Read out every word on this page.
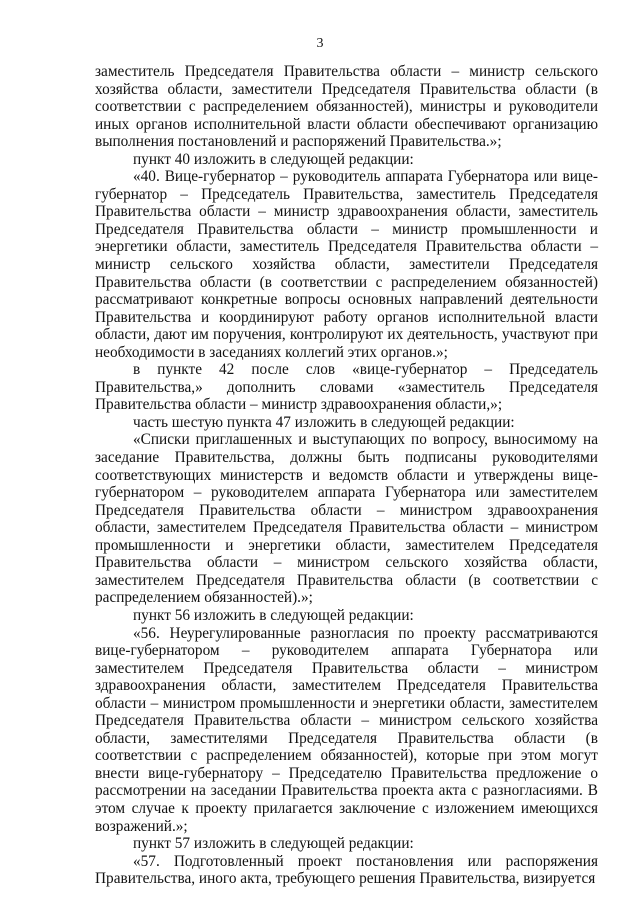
3

заместитель Председателя Правительства области – министр сельского хозяйства области, заместители Председателя Правительства области (в соответствии с распределением обязанностей), министры и руководители иных органов исполнительной власти области обеспечивают организацию выполнения постановлений и распоряжений Правительства.»;

пункт 40 изложить в следующей редакции:

«40. Вице-губернатор – руководитель аппарата Губернатора или вице-губернатор – Председатель Правительства, заместитель Председателя Правительства области – министр здравоохранения области, заместитель Председателя Правительства области – министр промышленности и энергетики области, заместитель Председателя Правительства области – министр сельского хозяйства области, заместители Председателя Правительства области (в соответствии с распределением обязанностей) рассматривают конкретные вопросы основных направлений деятельности Правительства и координируют работу органов исполнительной власти области, дают им поручения, контролируют их деятельность, участвуют при необходимости в заседаниях коллегий этих органов.»;

в пункте 42 после слов «вице-губернатор – Председатель Правительства,» дополнить словами «заместитель Председателя Правительства области – министр здравоохранения области,»;

часть шестую пункта 47 изложить в следующей редакции:

«Списки приглашенных и выступающих по вопросу, выносимому на заседание Правительства, должны быть подписаны руководителями соответствующих министерств и ведомств области и утверждены вице-губернатором – руководителем аппарата Губернатора или заместителем Председателя Правительства области – министром здравоохранения области, заместителем Председателя Правительства области – министром промышленности и энергетики области, заместителем Председателя Правительства области – министром сельского хозяйства области, заместителем Председателя Правительства области (в соответствии с распределением обязанностей).»;

пункт 56 изложить в следующей редакции:

«56. Неурегулированные разногласия по проекту рассматриваются вице-губернатором – руководителем аппарата Губернатора или заместителем Председателя Правительства области – министром здравоохранения области, заместителем Председателя Правительства области – министром промышленности и энергетики области, заместителем Председателя Правительства области – министром сельского хозяйства области, заместителями Председателя Правительства области (в соответствии с распределением обязанностей), которые при этом могут внести вице-губернатору – Председателю Правительства предложение о рассмотрении на заседании Правительства проекта акта с разногласиями. В этом случае к проекту прилагается заключение с изложением имеющихся возражений.»;

пункт 57 изложить в следующей редакции:

«57. Подготовленный проект постановления или распоряжения Правительства, иного акта, требующего решения Правительства, визируется
